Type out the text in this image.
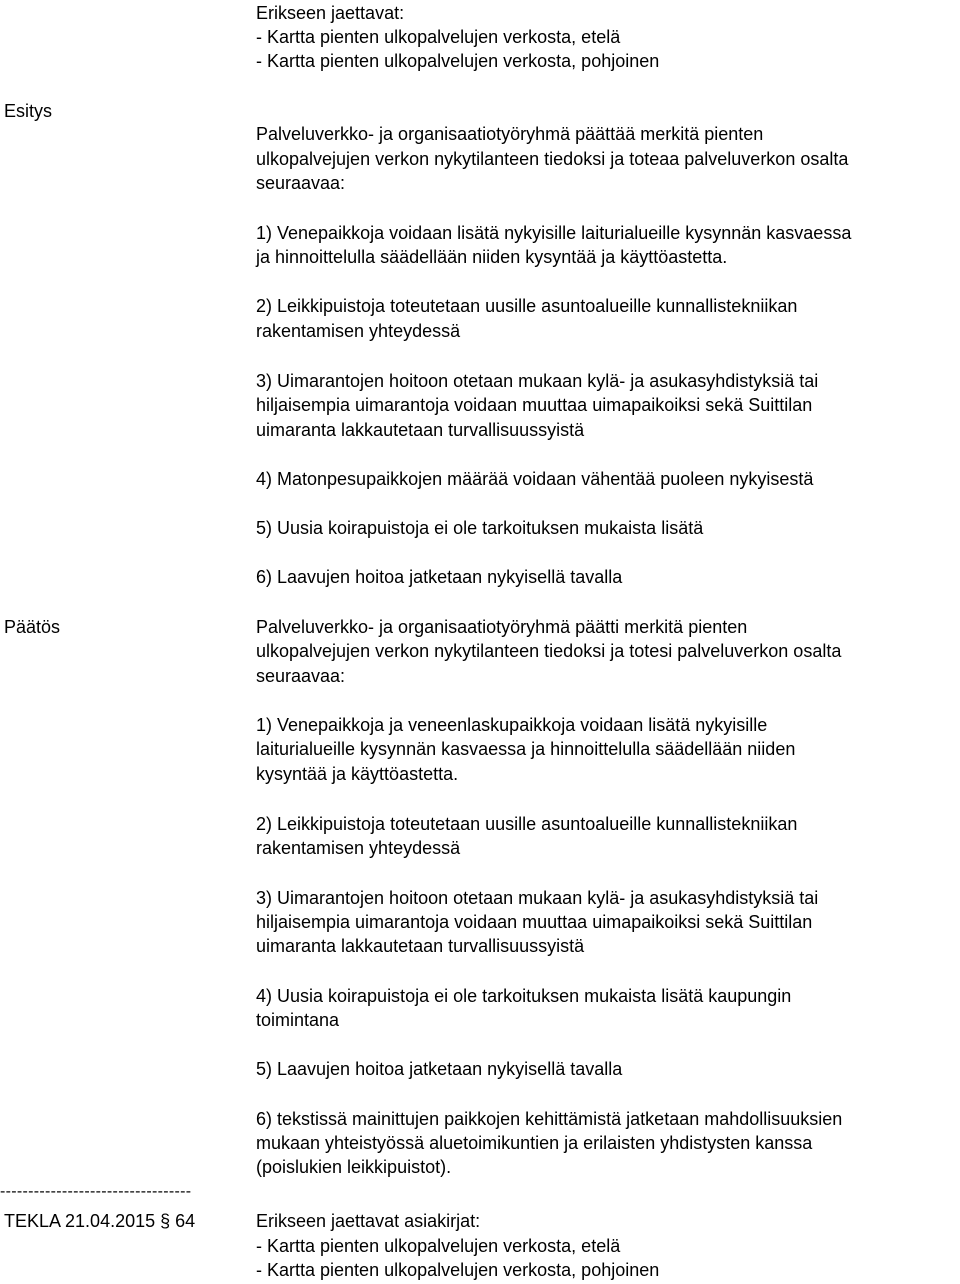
Erikseen jaettavat:
- Kartta pienten ulkopalvelujen verkosta, etelä
- Kartta pienten ulkopalvelujen verkosta, pohjoinen
Esitys
Palveluverkko- ja organisaatiotyöryhmä päättää merkitä pienten
ulkopalvejujen verkon nykytilanteen tiedoksi ja toteaa palveluverkon osalta
seuraavaa:
1) Venepaikkoja voidaan lisätä nykyisille laiturialueille kysynnän kasvaessa
ja hinnoittelulla säädellään niiden kysyntää ja käyttöastetta.
2) Leikkipuistoja toteutetaan uusille asuntoalueille kunnallistekniikan
rakentamisen yhteydessä
3) Uimarantojen hoitoon otetaan mukaan kylä- ja asukasyhdistyksiä tai
hiljaisempia uimarantoja voidaan muuttaa uimapaikoiksi sekä Suittilan
uimaranta lakkautetaan turvallisuussyistä
4) Matonpesupaikkojen määrää voidaan vähentää puoleen nykyisestä
5) Uusia koirapuistoja ei ole tarkoituksen mukaista lisätä
6) Laavujen hoitoa jatketaan nykyisellä tavalla
Päätös	Palveluverkko- ja organisaatiotyöryhmä päätti merkitä pienten
ulkopalvejujen verkon nykytilanteen tiedoksi ja totesi palveluverkon osalta
seuraavaa:
1) Venepaikkoja ja veneenlaskupaikkoja voidaan lisätä nykyisille
laiturialueille kysynnän kasvaessa ja hinnoittelulla säädellään niiden
kysyntää ja käyttöastetta.
2) Leikkipuistoja toteutetaan uusille asuntoalueille kunnallistekniikan
rakentamisen yhteydessä
3) Uimarantojen hoitoon otetaan mukaan kylä- ja asukasyhdistyksiä tai
hiljaisempia uimarantoja voidaan muuttaa uimapaikoiksi sekä Suittilan
uimaranta lakkautetaan turvallisuussyistä
4) Uusia koirapuistoja ei ole tarkoituksen mukaista lisätä kaupungin
toimintana
5) Laavujen hoitoa jatketaan nykyisellä tavalla
6) tekstissä mainittujen paikkojen kehittämistä jatketaan mahdollisuuksien
mukaan yhteistyössä aluetoimikuntien ja erilaisten yhdistysten kanssa
(poislukien leikkipuistot).
----------------------------------
TEKLA 21.04.2015 § 64	Erikseen jaettavat asiakirjat:
- Kartta pienten ulkopalvelujen verkosta, etelä
- Kartta pienten ulkopalvelujen verkosta, pohjoinen
